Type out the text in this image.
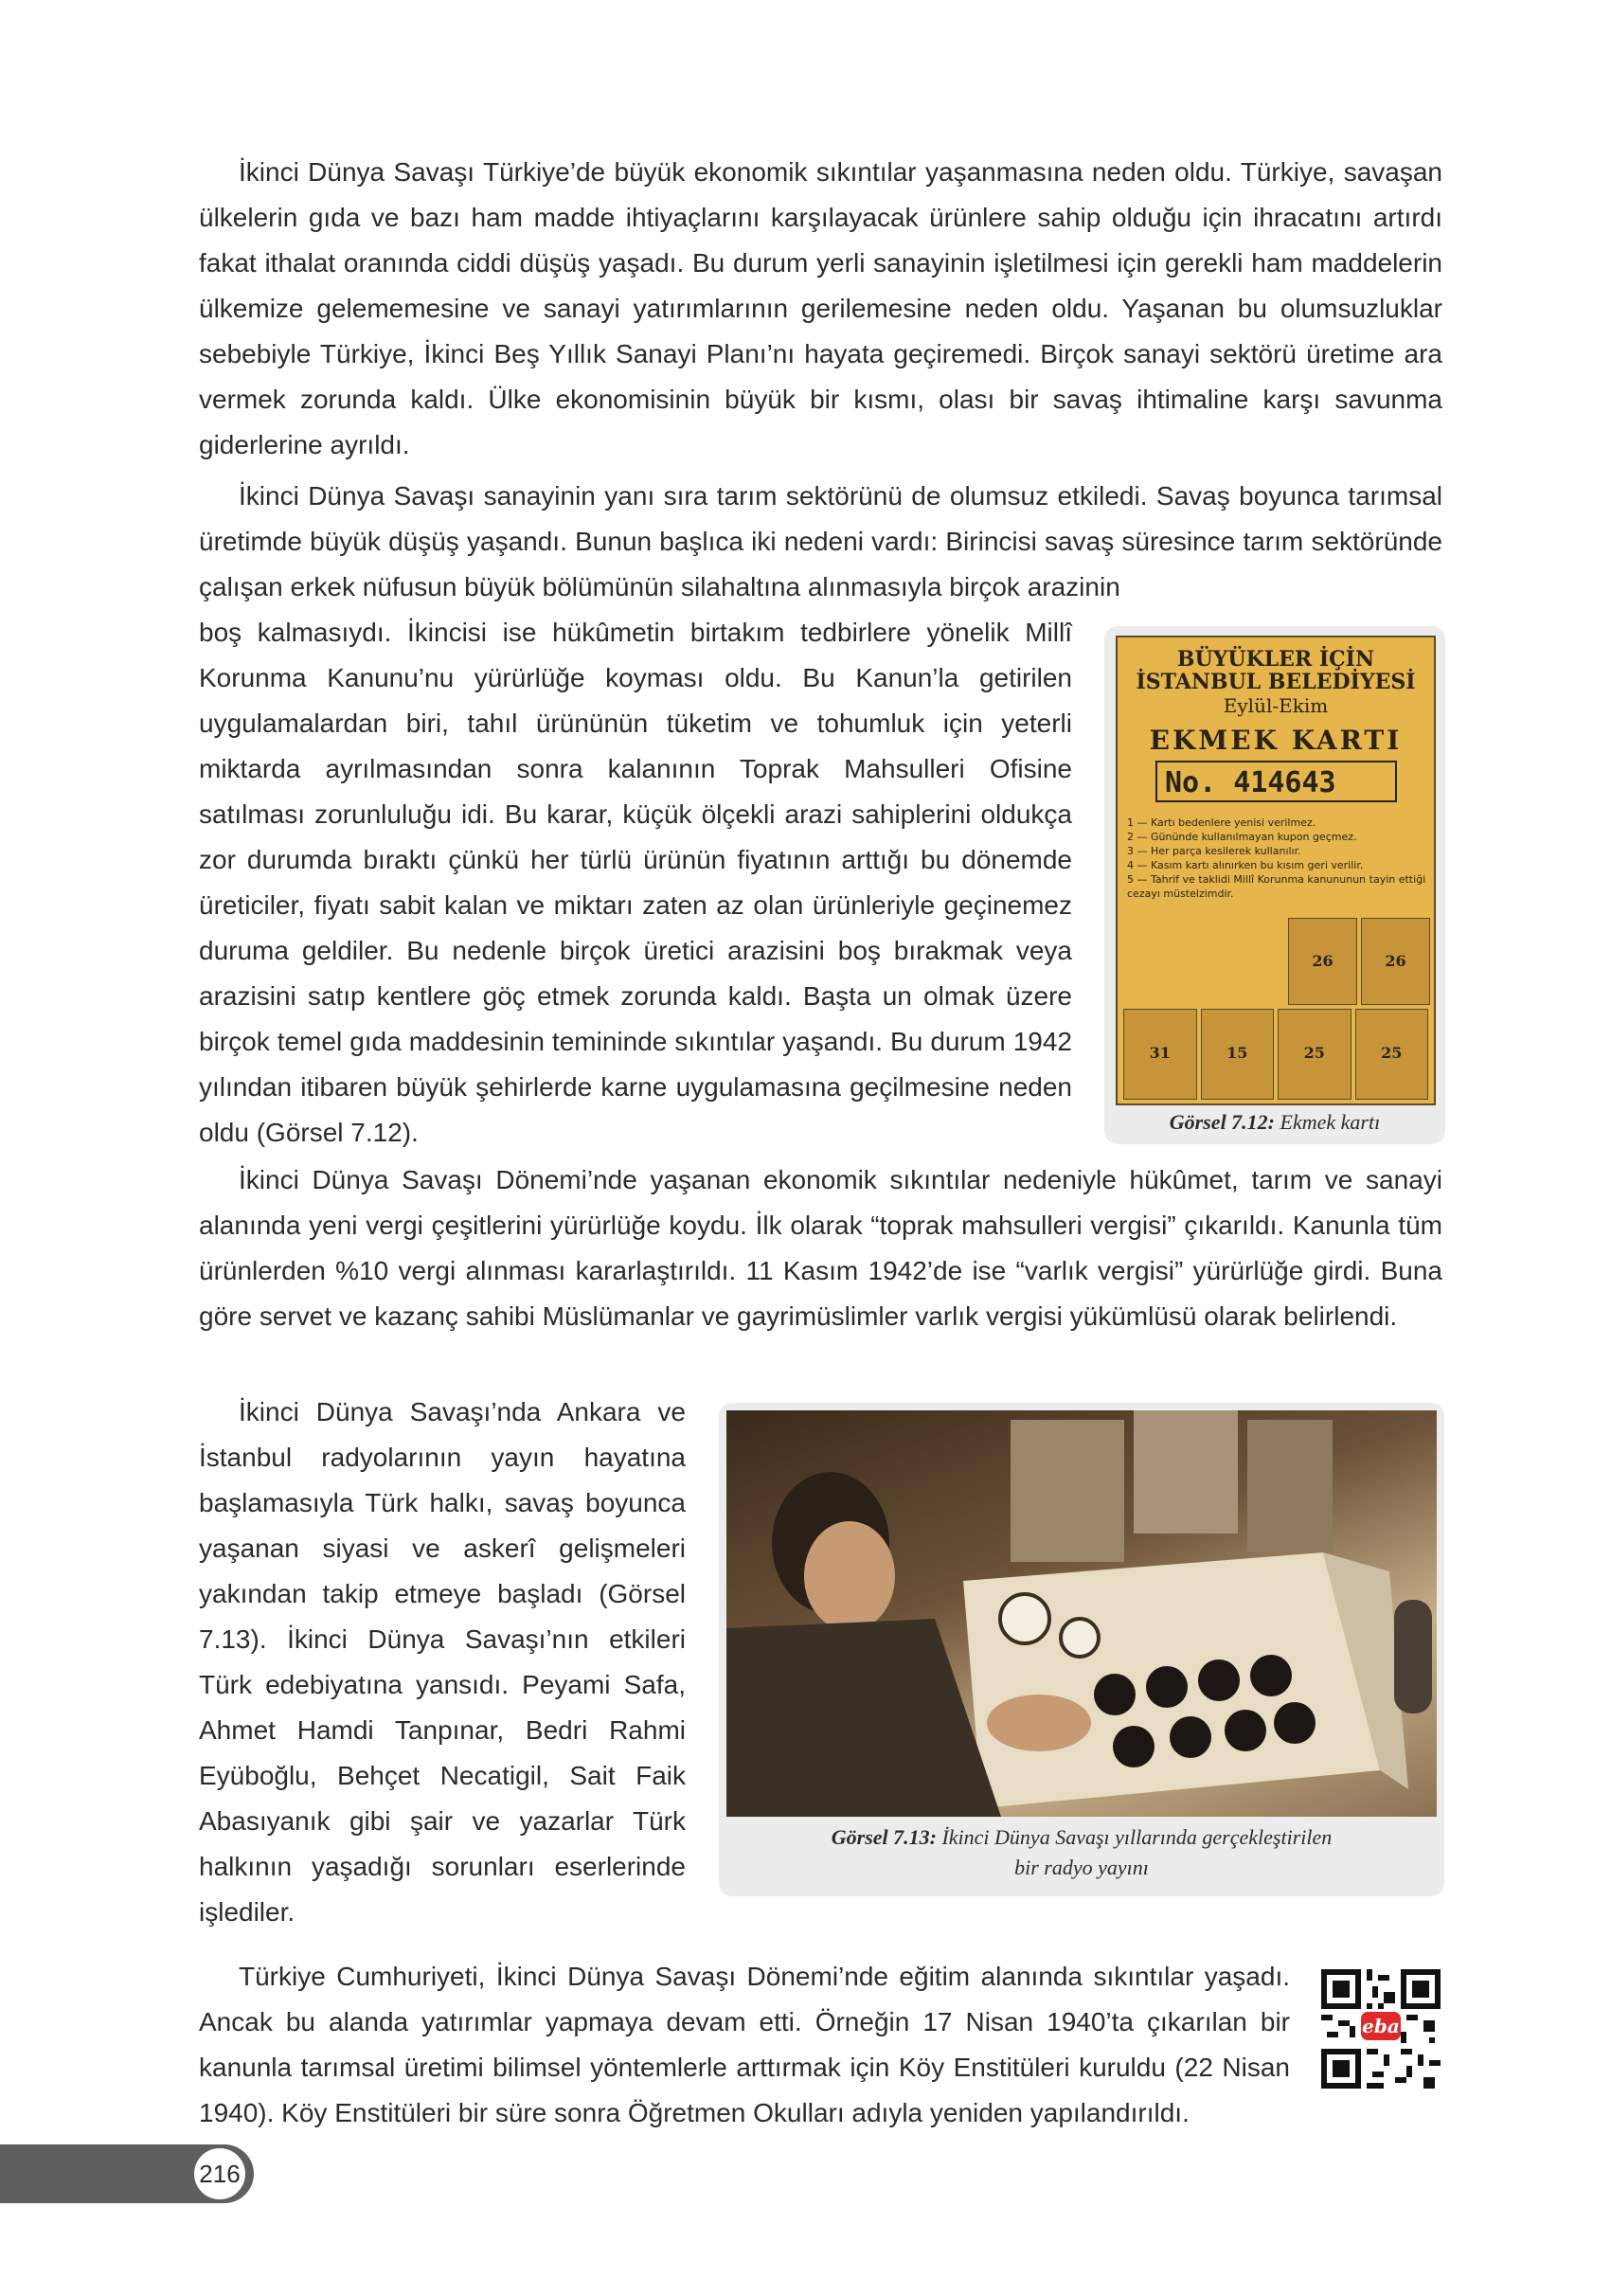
İkinci Dünya Savaşı Türkiye’de büyük ekonomik sıkıntılar yaşanmasına neden oldu. Türkiye, savaşan ülkelerin gıda ve bazı ham madde ihtiyaçlarını karşılayacak ürünlere sahip olduğu için ihracatını artırdı fakat ithalat oranında ciddi düşüş yaşadı. Bu durum yerli sanayinin işletilmesi için gerekli ham maddelerin ülkemize gelememesine ve sanayi yatırımlarının gerilemesine neden oldu. Yaşanan bu olumsuzluklar sebebiyle Türkiye, İkinci Beş Yıllık Sanayi Planı’nı hayata geçiremedi. Birçok sanayi sektörü üretime ara vermek zorunda kaldı. Ülke ekonomisinin büyük bir kısmı, olası bir savaş ihtimaline karşı savunma giderlerine ayrıldı.

İkinci Dünya Savaşı sanayinin yanı sıra tarım sektörünü de olumsuz etkiledi. Savaş boyunca tarımsal üretimde büyük düşüş yaşandı. Bunun başlıca iki nedeni vardı: Birincisi savaş süresince tarım sektöründe çalışan erkek nüfusun büyük bölümünün silahaltına alınmasıyla birçok arazinin

boş kalmasıydı. İkincisi ise hükûmetin birtakım tedbirlere yönelik Millî Korunma Kanunu’nu yürürlüğe koyması oldu. Bu Kanun’la getirilen uygulamalardan biri, tahıl ürününün tüketim ve tohumluk için yeterli miktarda ayrılmasından sonra kalanının Toprak Mahsulleri Ofisine satılması zorunluluğu idi. Bu karar, küçük ölçekli arazi sahiplerini oldukça zor durumda bıraktı çünkü her türlü ürünün fiyatının arttığı bu dönemde üreticiler, fiyatı sabit kalan ve miktarı zaten az olan ürünleriyle geçinemez duruma geldiler. Bu nedenle birçok üretici arazisini boş bırakmak veya arazisini satıp kentlere göç etmek zorunda kaldı. Başta un olmak üzere birçok temel gıda maddesinin temininde sıkıntılar yaşandı. Bu durum 1942 yılından itibaren büyük şehirlerde karne uygulamasına geçilmesine neden oldu (Görsel 7.12).

BÜYÜKLER İÇİN
İSTANBUL BELEDİYESİ
Eylül-Ekim
EKMEK KARTI
No. 414643
1 — Kartı bedenlere yenisi verilmez.
2 — Gününde kullanılmayan kupon geçmez.
3 — Her parça kesilerek kullanılır.
4 — Kasım kartı alınırken bu kısım geri verilir.
5 — Tahrif ve taklidi Millî Korunma kanununun tayin ettiği cezayı müstelzimdir.
26	26
31	15	25	25
Görsel 7.12: Ekmek kartı

İkinci Dünya Savaşı Dönemi’nde yaşanan ekonomik sıkıntılar nedeniyle hükûmet, tarım ve sanayi alanında yeni vergi çeşitlerini yürürlüğe koydu. İlk olarak “toprak mahsulleri vergisi” çıkarıldı. Kanunla tüm ürünlerden %10 vergi alınması kararlaştırıldı. 11 Kasım 1942’de ise “varlık vergisi” yürürlüğe girdi. Buna göre servet ve kazanç sahibi Müslümanlar ve gayrimüslimler varlık vergisi yükümlüsü olarak belirlendi.

İkinci Dünya Savaşı’nda Ankara ve İstanbul radyolarının yayın hayatına başlamasıyla Türk halkı, savaş boyunca yaşanan siyasi ve askerî gelişmeleri yakından takip etmeye başladı (Görsel 7.13). İkinci Dünya Savaşı’nın etkileri Türk edebiyatına yansıdı. Peyami Safa, Ahmet Hamdi Tanpınar, Bedri Rahmi Eyüboğlu, Behçet Necatigil, Sait Faik Abasıyanık gibi şair ve yazarlar Türk halkının yaşadığı sorunları eserlerinde işlediler.

Görsel 7.13: İkinci Dünya Savaşı yıllarında gerçekleştirilen
bir radyo yayını

Türkiye Cumhuriyeti, İkinci Dünya Savaşı Dönemi’nde eğitim alanında sıkıntılar yaşadı. Ancak bu alanda yatırımlar yapmaya devam etti. Örneğin 17 Nisan 1940’ta çıkarılan bir kanunla tarımsal üretimi bilimsel yöntemlerle arttırmak için Köy Enstitüleri kuruldu (22 Nisan 1940). Köy Enstitüleri bir süre sonra Öğretmen Okulları adıyla yeniden yapılandırıldı.

eba
216
